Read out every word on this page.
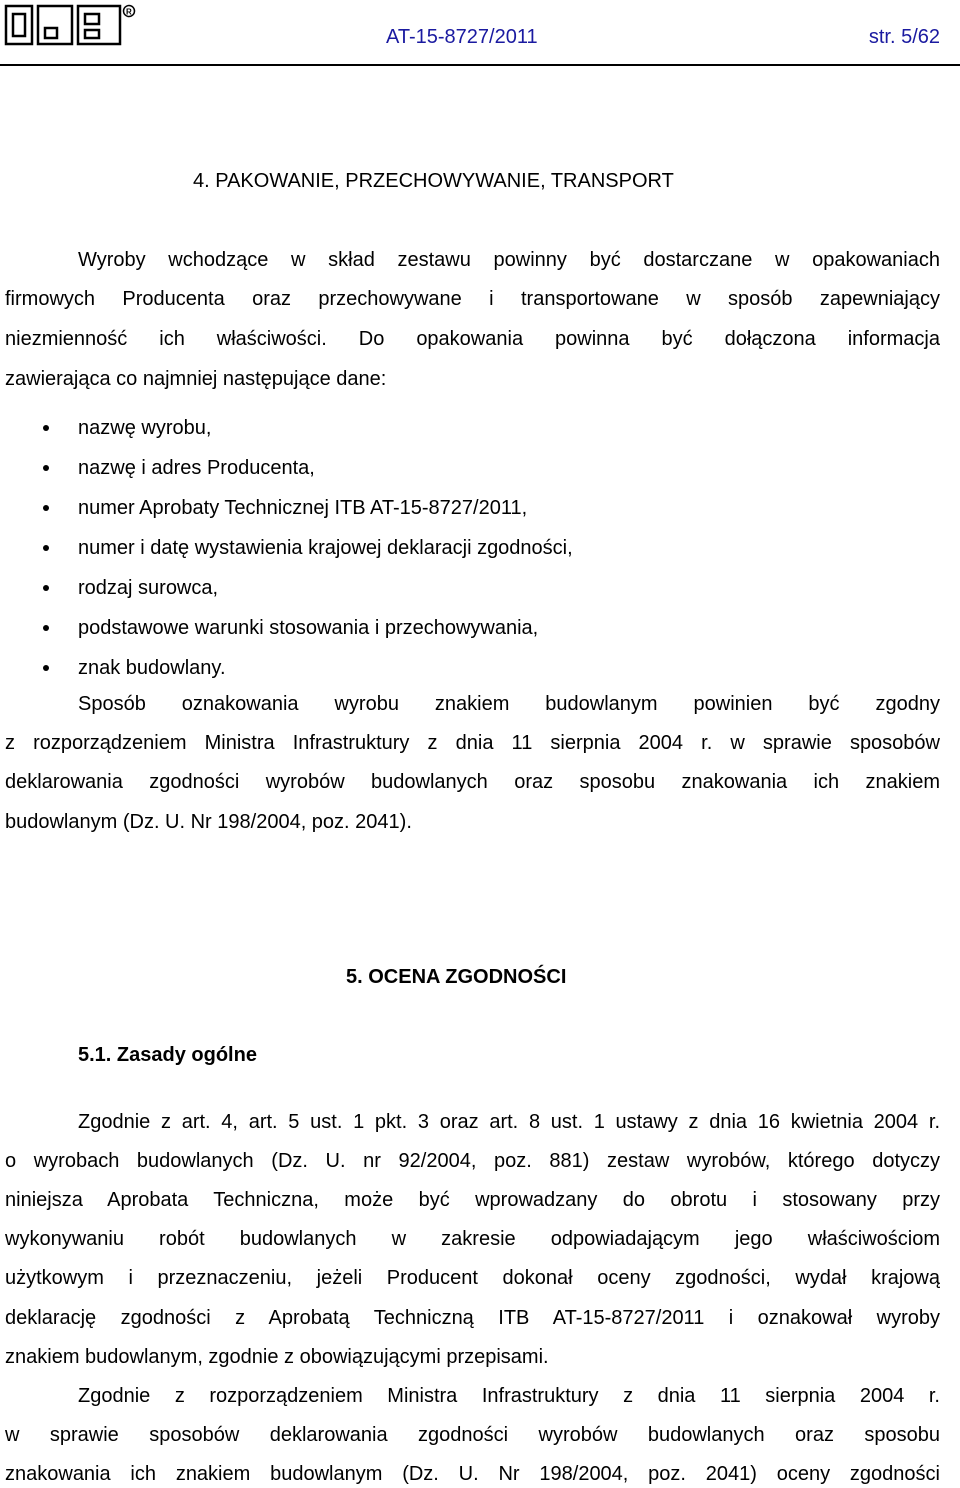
R
AT-15-8727/2011	str. 5/62
4. PAKOWANIE, PRZECHOWYWANIE, TRANSPORT
Wyroby wchodzące w skład zestawu powinny być dostarczane w opakowaniach
firmowych Producenta oraz przechowywane i transportowane w sposób zapewniający
niezmienność ich właściwości. Do opakowania powinna być dołączona informacja
zawierająca co najmniej następujące dane:
nazwę wyrobu,
nazwę i adres Producenta,
numer Aprobaty Technicznej ITB AT-15-8727/2011,
numer i datę wystawienia krajowej deklaracji zgodności,
rodzaj surowca,
podstawowe warunki stosowania i przechowywania,
znak budowlany.
Sposób oznakowania wyrobu znakiem budowlanym powinien być zgodny
z rozporządzeniem Ministra Infrastruktury z dnia 11 sierpnia 2004 r. w sprawie sposobów
deklarowania zgodności wyrobów budowlanych oraz sposobu znakowania ich znakiem
budowlanym (Dz. U. Nr 198/2004, poz. 2041).
5. OCENA ZGODNOŚCI
5.1. Zasady ogólne
Zgodnie z art. 4, art. 5 ust. 1 pkt. 3 oraz art. 8 ust. 1 ustawy z dnia 16 kwietnia 2004 r.
o wyrobach budowlanych (Dz. U. nr 92/2004, poz. 881) zestaw wyrobów, którego dotyczy
niniejsza Aprobata Techniczna, może być wprowadzany do obrotu i stosowany przy
wykonywaniu robót budowlanych w zakresie odpowiadającym jego właściwościom
użytkowym i przeznaczeniu, jeżeli Producent dokonał oceny zgodności, wydał krajową
deklarację zgodności z Aprobatą Techniczną ITB AT-15-8727/2011 i oznakował wyroby
znakiem budowlanym, zgodnie z obowiązującymi przepisami.
Zgodnie z rozporządzeniem Ministra Infrastruktury z dnia 11 sierpnia 2004 r.
w sprawie sposobów deklarowania zgodności wyrobów budowlanych oraz sposobu
znakowania ich znakiem budowlanym (Dz. U. Nr 198/2004, poz. 2041) oceny zgodności
